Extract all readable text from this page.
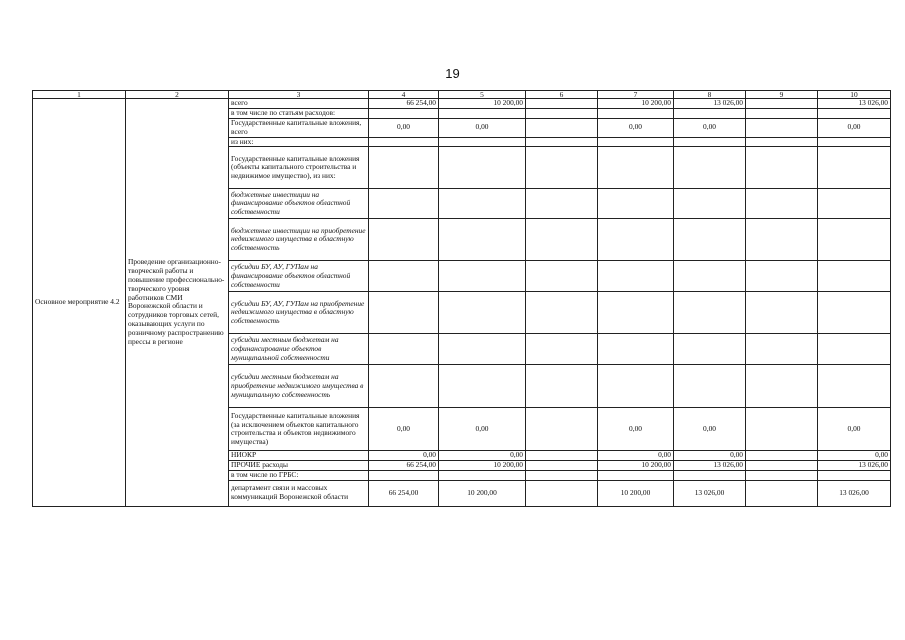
19
1	2	3	4	5	6	7	8	9	10
Основное мероприятие 4.2	Проведение организационно-творческой работы и повышение профессионально-творческого уровня работников СМИ Воронежской области и сотрудников торговых сетей, оказывающих услуги по розничному распространению прессы в регионе	всего	66 254,00	10 200,00		10 200,00	13 026,00		13 026,00
		в том числе по статьям расходов:							
		Государственные капитальные вложения, всего	0,00	0,00		0,00	0,00		0,00
		из них:							
		Государственные капитальные вложения (объекты капитального строительства и недвижимое имущество), из них:							
		бюджетные инвестиции на финансирование объектов областной собственности							
		бюджетные инвестиции на приобретение недвижимого имущества в областную собственность							
		субсидии БУ, АУ, ГУПам на финансирование объектов областной собственности							
		субсидии БУ, АУ, ГУПам на приобретение недвижимого имущества в областную собственность							
		субсидии местным бюджетам на софинансирование объектов муниципальной собственности							
		субсидии местным бюджетам на приобретение недвижимого имущества в муниципальную собственность							
		Государственные капитальные вложения (за исключением объектов капитального строительства и объектов недвижимого имущества)	0,00	0,00		0,00	0,00		0,00
		НИОКР	0,00	0,00		0,00	0,00		0,00
		ПРОЧИЕ расходы	66 254,00	10 200,00		10 200,00	13 026,00		13 026,00
		в том числе по ГРБС:							
		департамент связи и массовых коммуникаций Воронежской области	66 254,00	10 200,00		10 200,00	13 026,00		13 026,00
